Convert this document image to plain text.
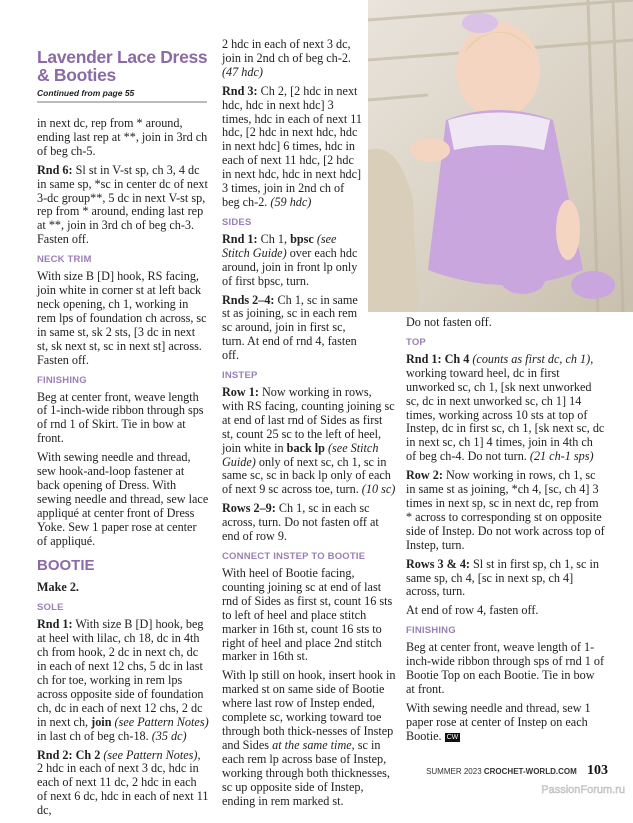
Lavender Lace Dress & Booties
Continued from page 55

in next dc, rep from * around, ending last rep at **, join in 3rd ch of beg ch-5.

Rnd 6: Sl st in V-st sp, ch 3, 4 dc in same sp, *sc in center dc of next 3-dc group**, 5 dc in next V-st sp, rep from * around, ending last rep at **, join in 3rd ch of beg ch-3. Fasten off.

NECK TRIM

With size B [D] hook, RS facing, join white in corner st at left back neck opening, ch 1, working in rem lps of foundation ch across, sc in same st, sk 2 sts, [3 dc in next st, sk next st, sc in next st] across. Fasten off.

FINISHING

Beg at center front, weave length of 1-inch-wide ribbon through sps of rnd 1 of Skirt. Tie in bow at front.

With sewing needle and thread, sew hook-and-loop fastener at back opening of Dress. With sewing needle and thread, sew lace appliqué at center front of Dress Yoke. Sew 1 paper rose at center of appliqué.

BOOTIE

Make 2.

SOLE

Rnd 1: With size B [D] hook, beg at heel with lilac, ch 18, dc in 4th ch from hook, 2 dc in next ch, dc in each of next 12 chs, 5 dc in last ch for toe, working in rem lps across opposite side of foundation ch, dc in each of next 12 chs, 2 dc in next ch, join (see Pattern Notes) in last ch of beg ch-18. (35 dc)

Rnd 2: Ch 2 (see Pattern Notes), 2 hdc in each of next 3 dc, hdc in each of next 11 dc, 2 hdc in each of next 6 dc, hdc in each of next 11 dc,

2 hdc in each of next 3 dc, join in 2nd ch of beg ch-2. (47 hdc)

Rnd 3: Ch 2, [2 hdc in next hdc, hdc in next hdc] 3 times, hdc in each of next 11 hdc, [2 hdc in next hdc, hdc in next hdc] 6 times, hdc in each of next 11 hdc, [2 hdc in next hdc, hdc in next hdc] 3 times, join in 2nd ch of beg ch-2. (59 hdc)

SIDES

Rnd 1: Ch 1, bpsc (see Stitch Guide) over each hdc around, join in front lp only of first bpsc, turn.

Rnds 2–4: Ch 1, sc in same st as joining, sc in each rem sc around, join in first sc, turn. At end of rnd 4, fasten off.

INSTEP

Row 1: Now working in rows, with RS facing, counting joining sc at end of last rnd of Sides as first st, count 25 sc to the left of heel, join white in back lp (see Stitch Guide) only of next sc, ch 1, sc in same sc, sc in back lp only of each of next 9 sc across toe, turn. (10 sc)

Rows 2–9: Ch 1, sc in each sc across, turn. Do not fasten off at end of row 9.

CONNECT INSTEP TO BOOTIE

With heel of Bootie facing, counting joining sc at end of last rnd of Sides as first st, count 16 sts to left of heel and place stitch marker in 16th st, count 16 sts to right of heel and place 2nd stitch marker in 16th st.

With lp still on hook, insert hook in marked st on same side of Bootie where last row of Instep ended, complete sc, working toward toe through both thick-nesses of Instep and Sides at the same time, sc in each rem lp across base of Instep, working through both thicknesses, sc up opposite side of Instep, ending in rem marked st.

Do not fasten off.

TOP

Rnd 1: Ch 4 (counts as first dc, ch 1), working toward heel, dc in first unworked sc, ch 1, [sk next unworked sc, dc in next unworked sc, ch 1] 14 times, working across 10 sts at top of Instep, dc in first sc, ch 1, [sk next sc, dc in next sc, ch 1] 4 times, join in 4th ch of beg ch-4. Do not turn. (21 ch-1 sps)

Row 2: Now working in rows, ch 1, sc in same st as joining, *ch 4, [sc, ch 4] 3 times in next sp, sc in next dc, rep from * across to corresponding st on opposite side of Instep. Do not work across top of Instep, turn.

Rows 3 & 4: Sl st in first sp, ch 1, sc in same sp, ch 4, [sc in next sp, ch 4] across, turn.

At end of row 4, fasten off.

FINISHING

Beg at center front, weave length of 1-inch-wide ribbon through sps of rnd 1 of Bootie Top on each Bootie. Tie in bow at front.

With sewing needle and thread, sew 1 paper rose at center of Instep on each Bootie. CW

SUMMER 2023 CROCHET-WORLD.COM 103
PassionForum.ru
